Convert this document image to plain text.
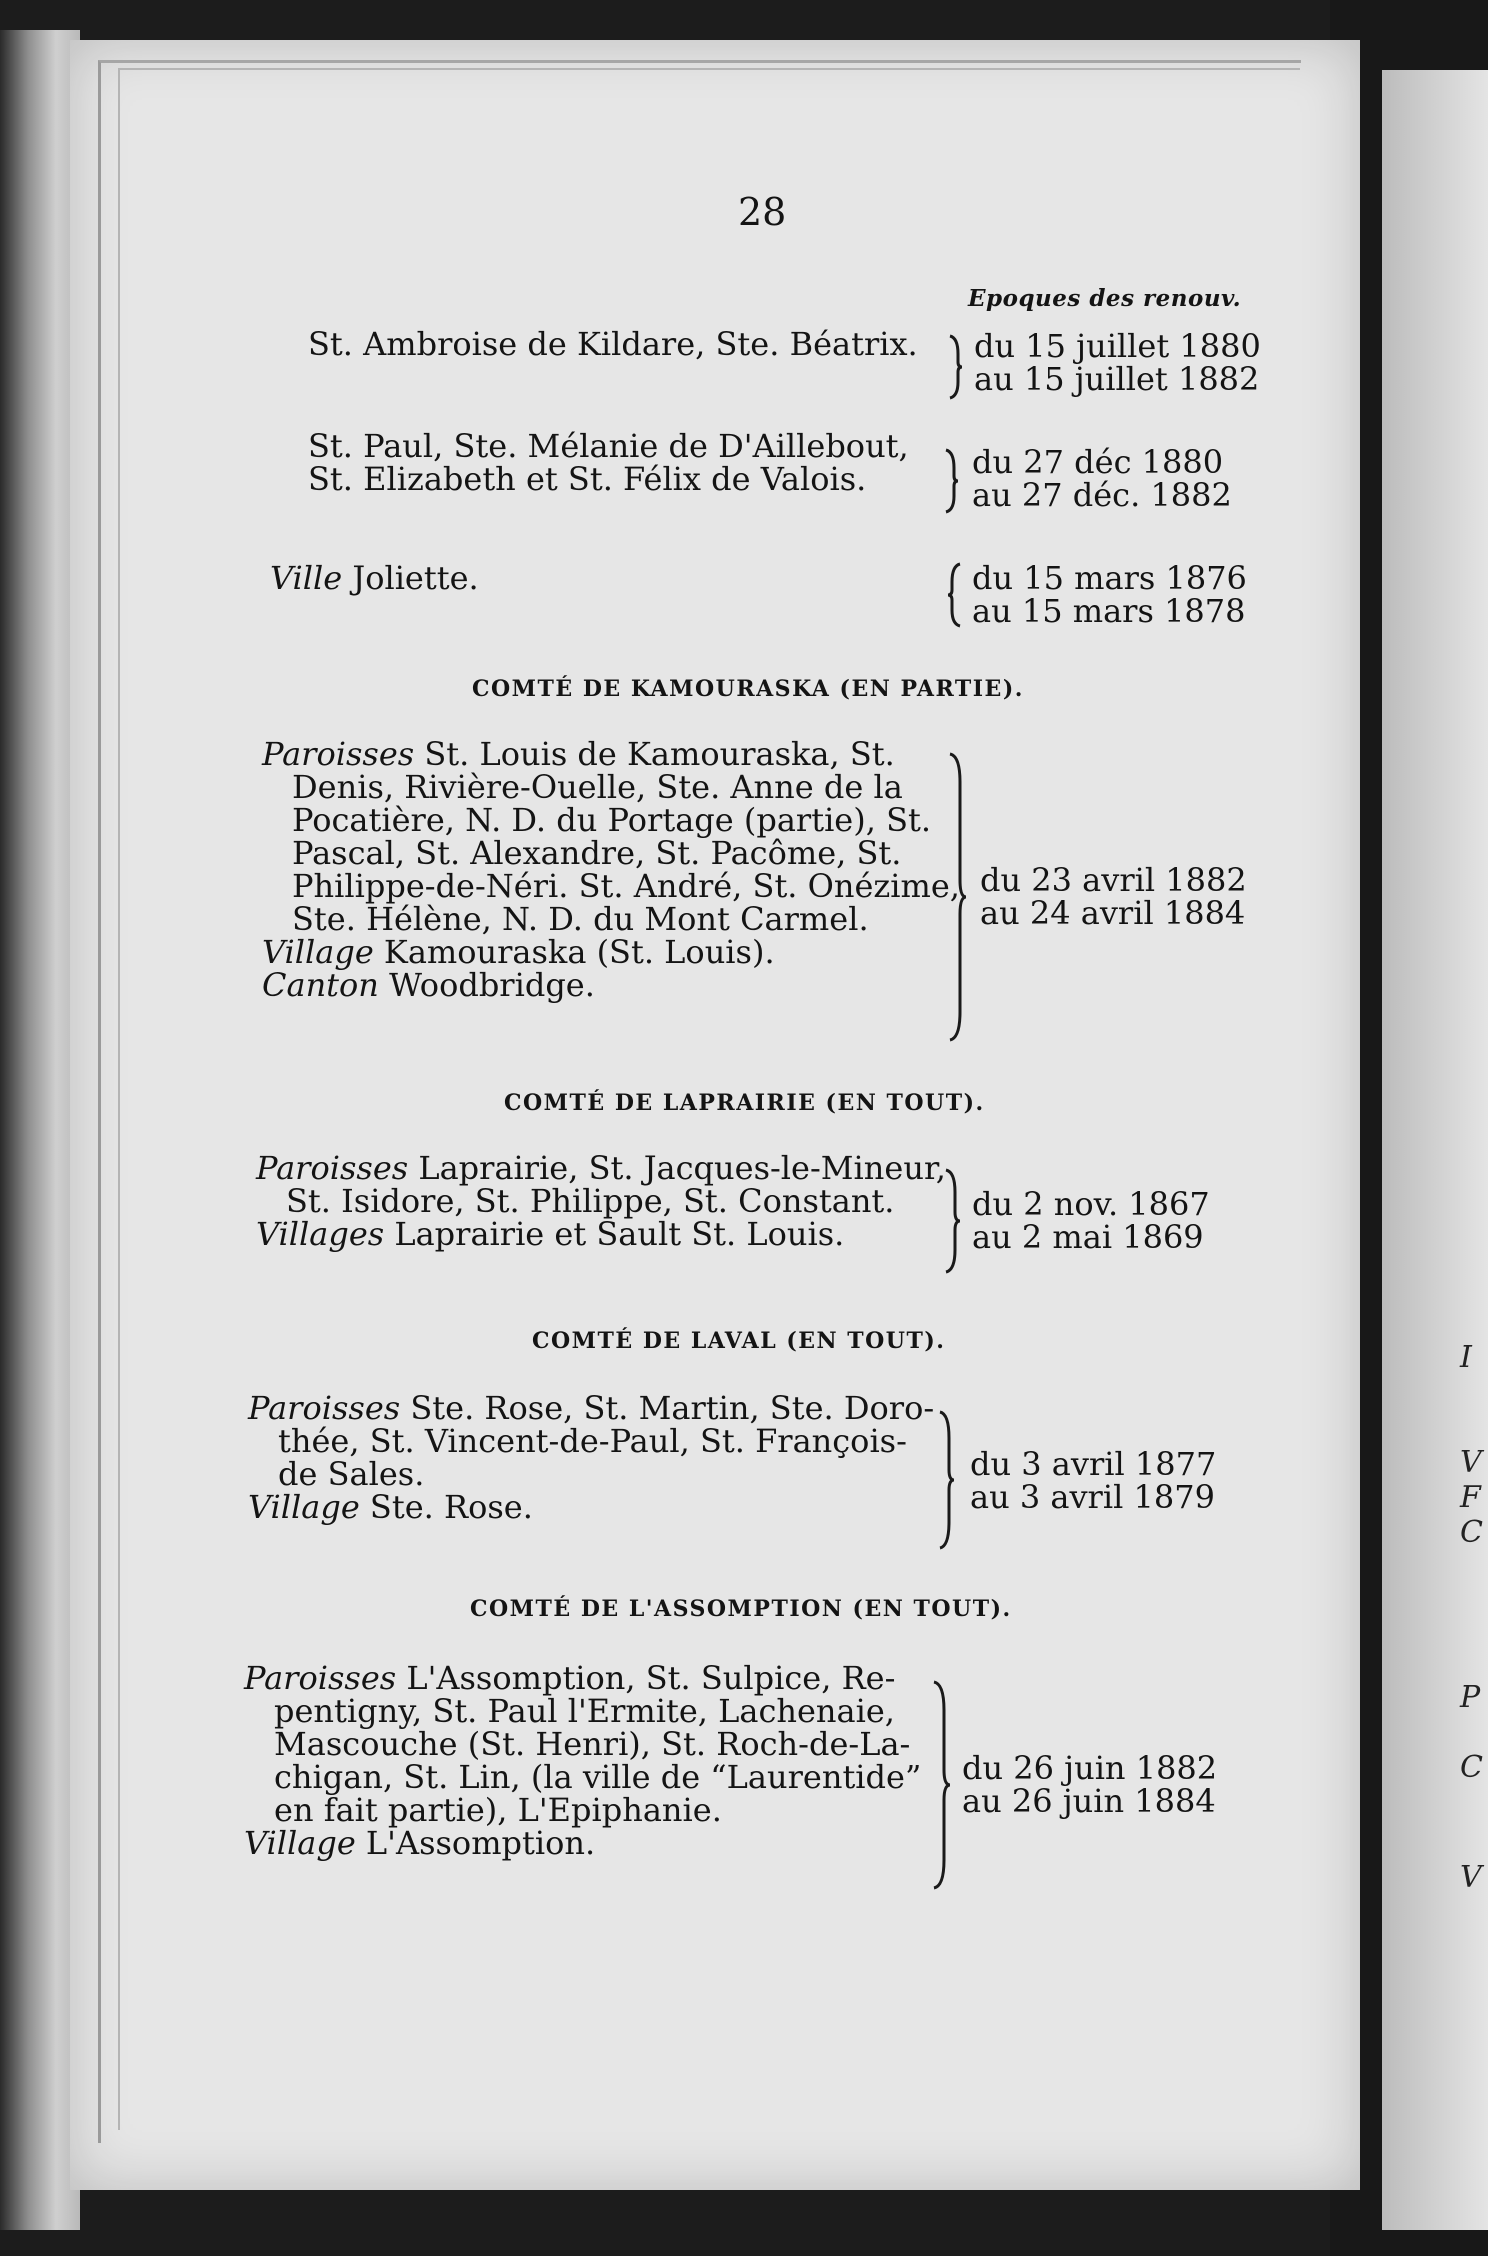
I
V
F
C
P
C
V
28
Epoques des renouv.
St. Ambroise de Kildare, Ste. Béatrix. du 15 juillet 1880
au 15 juillet 1882
St. Paul, Ste. Mélanie de D'Aillebout,
St. Elizabeth et St. Félix de Valois.	du 27 déc 1880
au 27 déc. 1882
Ville Joliette.	du 15 mars 1876
au 15 mars 1878
COMTÉ DE KAMOURASKA (EN PARTIE).
Paroisses St. Louis de Kamouraska, St.
Denis, Rivière-Ouelle, Ste. Anne de la
Pocatière, N. D. du Portage (partie), St.
Pascal, St. Alexandre, St. Pacôme, St.
Philippe-de-Néri. St. André, St. Onézime,
Ste. Hélène, N. D. du Mont Carmel.
Village Kamouraska (St. Louis).
Canton Woodbridge.
du 23 avril 1882
au 24 avril 1884
COMTÉ DE LAPRAIRIE (EN TOUT).
Paroisses Laprairie, St. Jacques-le-Mineur,
St. Isidore, St. Philippe, St. Constant.
Villages Laprairie et Sault St. Louis.
du 2 nov. 1867
au 2 mai 1869
COMTÉ DE LAVAL (EN TOUT).
Paroisses Ste. Rose, St. Martin, Ste. Doro-
thée, St. Vincent-de-Paul, St. François-
de Sales.
Village Ste. Rose.
du 3 avril 1877
au 3 avril 1879
COMTÉ DE L'ASSOMPTION (EN TOUT).
Paroisses L'Assomption, St. Sulpice, Re-
pentigny, St. Paul l'Ermite, Lachenaie,
Mascouche (St. Henri), St. Roch-de-La-
chigan, St. Lin, (la ville de “Laurentide”
en fait partie), L'Epiphanie.
Village L'Assomption.
du 26 juin 1882
au 26 juin 1884
